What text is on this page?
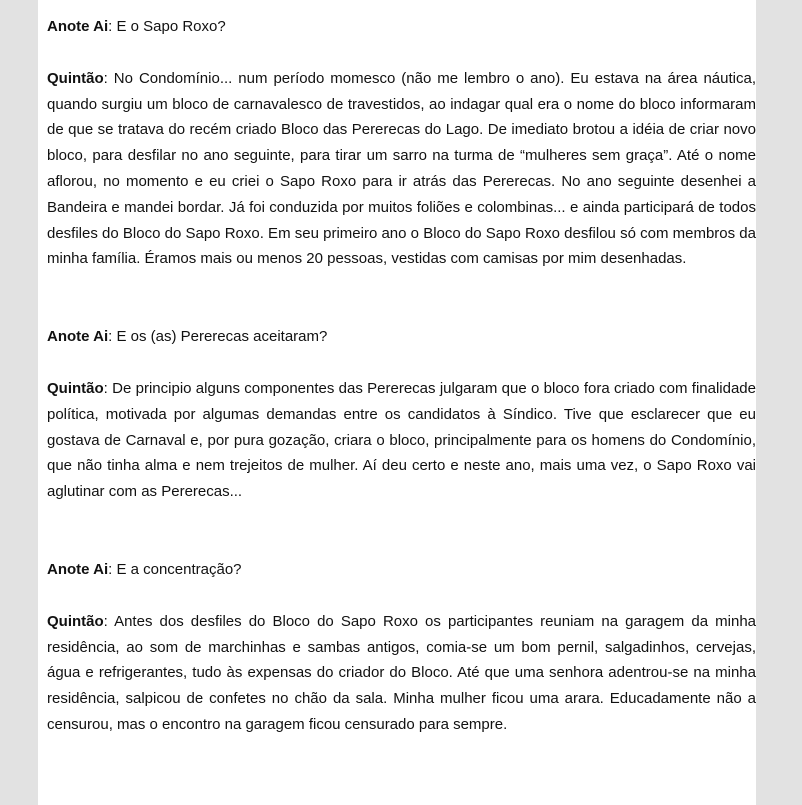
Anote Ai: E o Sapo Roxo?

Quintão: No Condomínio... num período momesco (não me lembro o ano). Eu estava na área náutica, quando surgiu um bloco de carnavalesco de travestidos, ao indagar qual era o nome do bloco informaram de que se tratava do recém criado Bloco das Pererecas do Lago. De imediato brotou a idéia de criar novo bloco, para desfilar no ano seguinte, para tirar um sarro na turma de “mulheres sem graça”. Até o nome aflorou, no momento e eu criei o Sapo Roxo para ir atrás das Pererecas. No ano seguinte desenhei a Bandeira e mandei bordar. Já foi conduzida por muitos foliões e colombinas... e ainda participará de todos desfiles do Bloco do Sapo Roxo. Em seu primeiro ano o Bloco do Sapo Roxo desfilou só com membros da minha família. Éramos mais ou menos 20 pessoas, vestidas com camisas por mim desenhadas.

Anote Ai: E os (as) Pererecas aceitaram?

Quintão: De principio alguns componentes das Pererecas julgaram que o bloco fora criado com finalidade política, motivada por algumas demandas entre os candidatos à Síndico. Tive que esclarecer que eu gostava de Carnaval e, por pura gozação, criara o bloco, principalmente para os homens do Condomínio, que não tinha alma e nem trejeitos de mulher. Aí deu certo e neste ano, mais uma vez, o Sapo Roxo vai aglutinar com as Pererecas...

Anote Ai: E a concentração?

Quintão: Antes dos desfiles do Bloco do Sapo Roxo os participantes reuniam na garagem da minha residência, ao som de marchinhas e sambas antigos, comia-se um bom pernil, salgadinhos, cervejas, água e refrigerantes, tudo às expensas do criador do Bloco. Até que uma senhora adentrou-se na minha residência, salpicou de confetes no chão da sala. Minha mulher ficou uma arara. Educadamente não a censurou, mas o encontro na garagem ficou censurado para sempre.
